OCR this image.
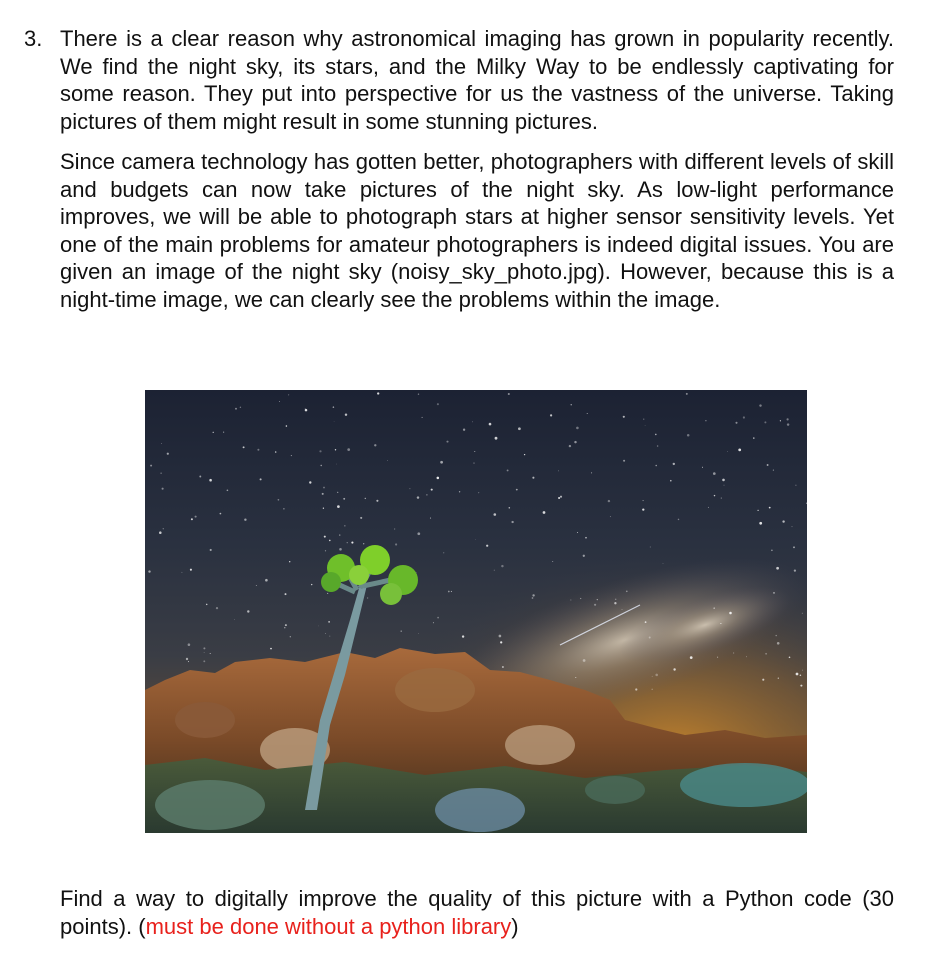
3. There is a clear reason why astronomical imaging has grown in popularity recently. We find the night sky, its stars, and the Milky Way to be endlessly captivating for some reason. They put into perspective for us the vastness of the universe. Taking pictures of them might result in some stunning pictures.

Since camera technology has gotten better, photographers with different levels of skill and budgets can now take pictures of the night sky. As low-light performance improves, we will be able to photograph stars at higher sensor sensitivity levels. Yet one of the main problems for amateur photographers is indeed digital issues. You are given an image of the night sky (noisy_sky_photo.jpg). However, because this is a night-time image, we can clearly see the problems within the image.

Find a way to digitally improve the quality of this picture with a Python code (30 points). (must be done without a python library)
